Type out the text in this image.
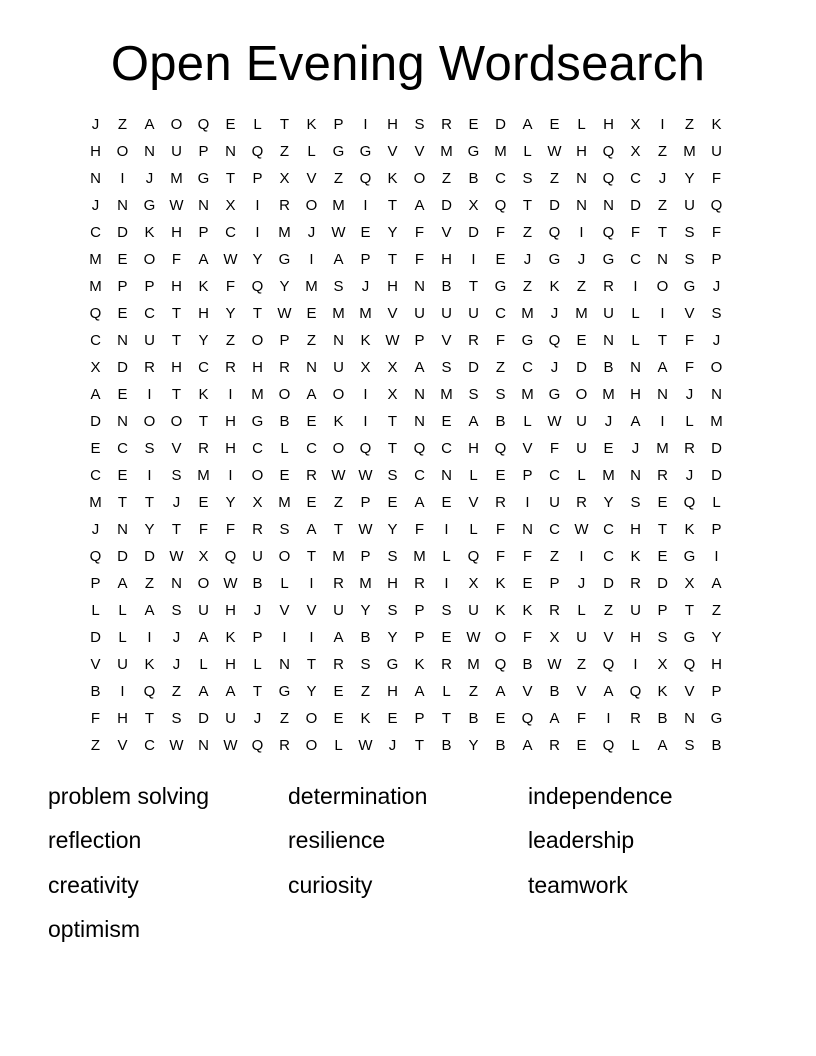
Open Evening Wordsearch
J	Z	A	O	Q	E	L	T	K	P	I	H	S	R	E	D	A	E	L	H	X	I	Z	K
H	O	N	U	P	N	Q	Z	L	G	G	V	V	M G M	L	W H	Q	X	Z	M	U
N	I	J	M G	T	P	X	V	Z	Q	K	O	Z	B	C	S	Z	N	Q	C	J	Y	F
J	N	G W N	X	I	R	O M	I	T	A	D	X	Q	T	D	N	N	D	Z	U	Q
C	D	K	H	P	C	I	M	J	W E	Y	F	V	D	F	Z	Q	I	Q	F	T	S	F
M	E	O	F	A W Y	G	I	A	P	T	F	H	I	E	J	G	J	G	C	N	S	P
M	P	P	H	K	F	Q	Y	M	S	J	H	N	B	T	G	Z	K	Z	R	I	O	G	J
Q	E	C	T	H	Y	T	W E	M M	V	U	U	U	C	M	J	M	U	L	I	V	S
C	N	U	T	Y	Z	O	P	Z	N	K W P	V	R	F	G	Q	E	N	L	T	F	J
X	D	R	H	C	R	H	R	N	U	X	X	A	S	D	Z	C	J	D	B	N	A	F	O
A	E	I	T	K	I	M O	A	O	I	X	N	M	S	S	M G	O M	H	N	J	N
D	N	O	O	T	H	G	B	E	K	I	T	N	E	A	B	L	W U	J	A	I	L	M
E	C	S	V	R	H	C	L	C	O	Q	T	Q	C	H	Q	V	F	U	E	J	M	R	D
C	E	I	S	M	I	O	E	R W W S	C	N	L	E	P	C	L	M	N	R	J	D
M	T	T	J	E	Y	X	M	E	Z	P	E	A	E	V	R	I	U	R	Y	S	E	Q	L
J	N	Y	T	F	F	R	S	A	T	W Y	F	I	L	F	N	C W C	H	T	K	P
Q	D	D W X	Q	U	O	T	M	P	S	M	L	Q	F	F	Z	I	C	K	E	G	I
P	A	Z	N	O W B	L	I	R	M	H	R	I	X	K	E	P	J	D	R	D	X	A
L	L	A	S	U	H	J	V	V	U	Y	S	P	S	U	K	K	R	L	Z	U	P	T	Z
D	L	I	J	A	K	P	I	I	A	B	Y	P	E W O	F	X	U	V	H	S	G	Y
V	U	K	J	L	H	L	N	T	R	S	G	K	R	M Q	B W	Z	Q	I	X	Q	H
B	I	Q	Z	A	A	T	G	Y	E	Z	H	A	L	Z	A	V	B	V	A	Q	K	V	P
F	H	T	S	D	U	J	Z	O	E	K	E	P	T	B	E	Q	A	F	I	R	B	N	G
Z	V	C W N W Q	R	O	L	W	J	T	B	Y	B	A	R	E	Q	L	A	S	B
problem solving	determination	independence
reflection	resilience	leadership
creativity	curiosity	teamwork
optimism
